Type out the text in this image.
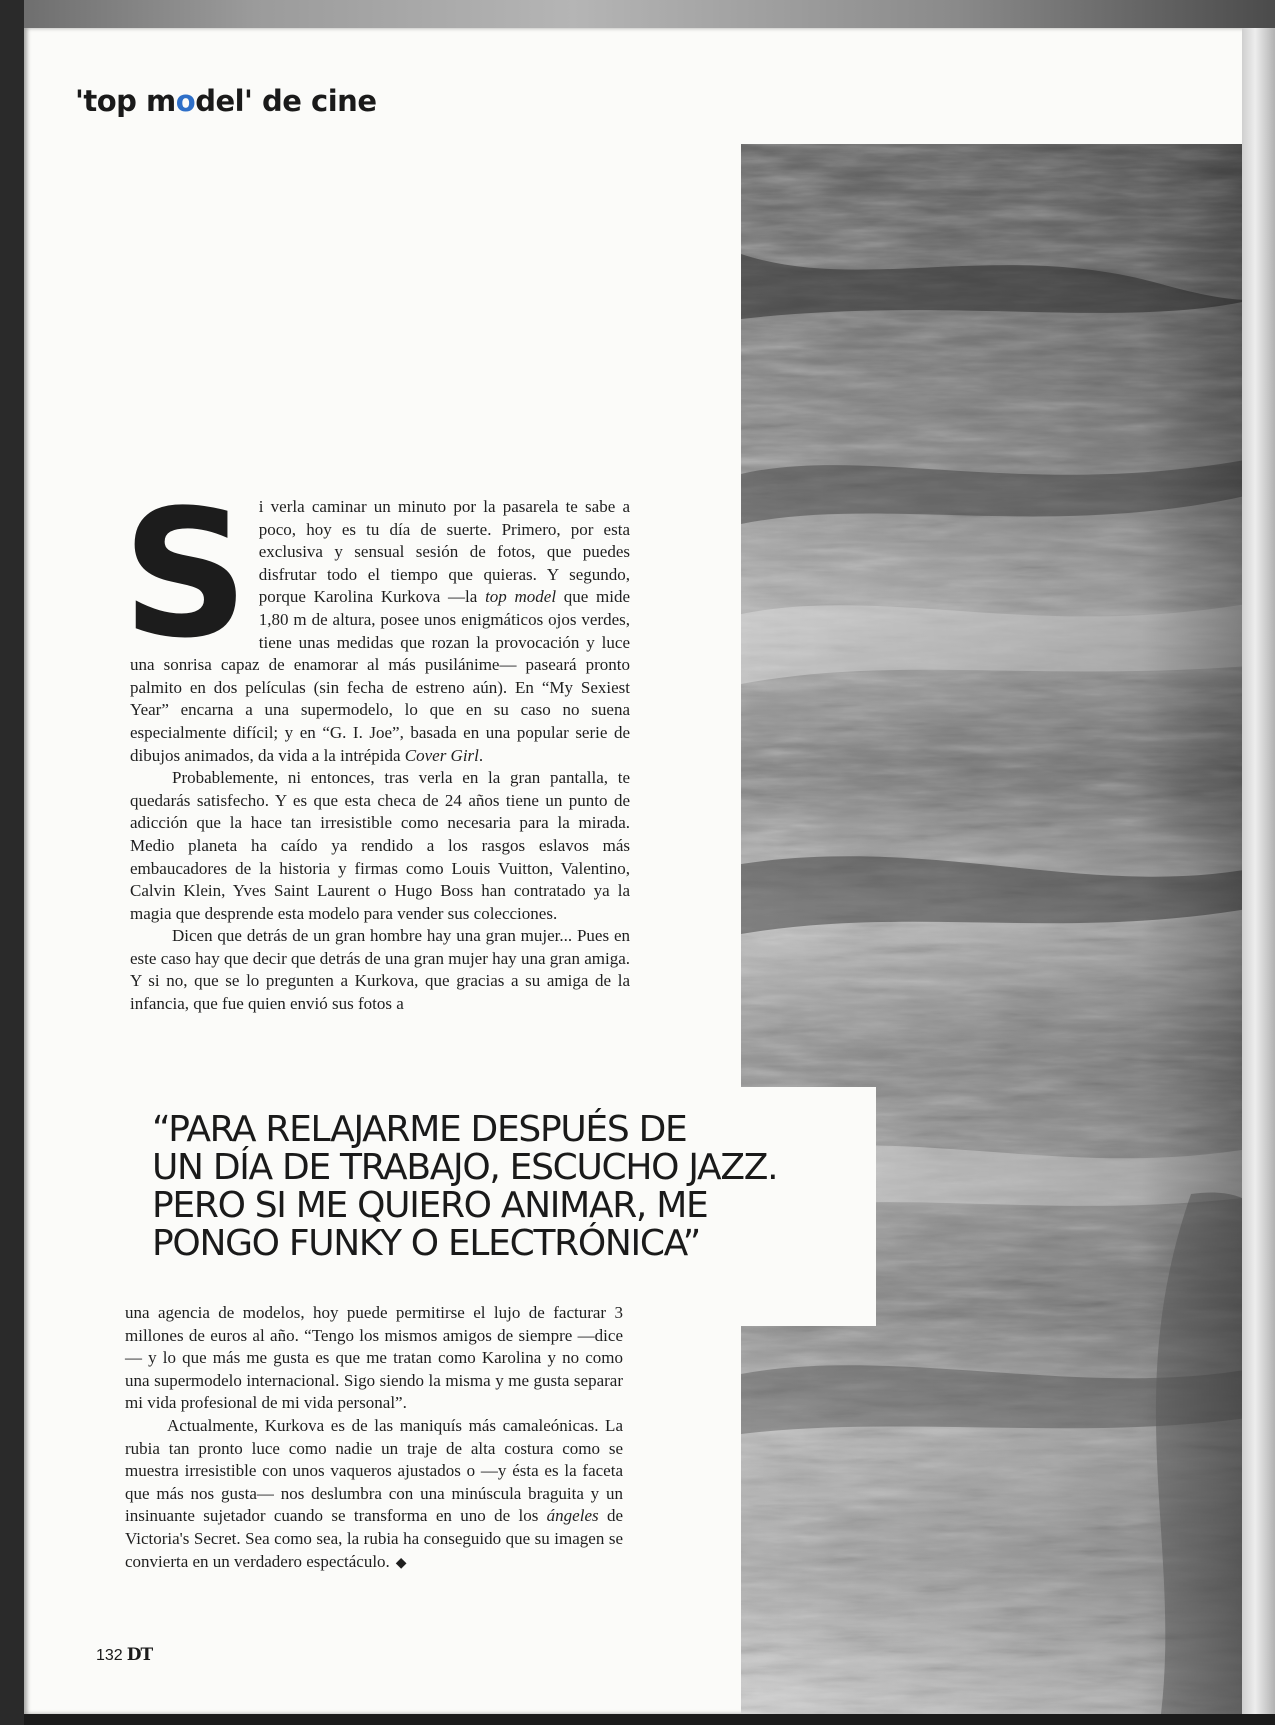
'top model' de cine
S i verla caminar un minuto por la pasarela te sabe a poco, hoy es tu día de suerte. Primero, por esta exclusiva y sensual sesión de fotos, que puedes disfrutar todo el tiempo que quieras. Y segundo, porque Karolina Kurkova —la top model que mide 1,80 m de altura, posee unos enigmáticos ojos verdes, tiene unas medidas que rozan la provocación y luce una sonrisa capaz de enamorar al más pusilánime— paseará pronto palmito en dos películas (sin fecha de estreno aún). En “My Sexiest Year” encarna a una supermodelo, lo que en su caso no suena especialmente difícil; y en “G. I. Joe”, basada en una popular serie de dibujos animados, da vida a la intrépida Cover Girl.

Probablemente, ni entonces, tras verla en la gran pantalla, te quedarás satisfecho. Y es que esta checa de 24 años tiene un punto de adicción que la hace tan irresistible como necesaria para la mirada. Medio planeta ha caído ya rendido a los rasgos eslavos más embaucadores de la historia y firmas como Louis Vuitton, Valentino, Calvin Klein, Yves Saint Laurent o Hugo Boss han contratado ya la magia que desprende esta modelo para vender sus colecciones.

Dicen que detrás de un gran hombre hay una gran mujer... Pues en este caso hay que decir que detrás de una gran mujer hay una gran amiga. Y si no, que se lo pregunten a Kurkova, que gracias a su amiga de la infancia, que fue quien envió sus fotos a

“PARA RELAJARME DESPUÉS DE
UN DÍA DE TRABAJO, ESCUCHO JAZZ.
PERO SI ME QUIERO ANIMAR, ME
PONGO FUNKY O ELECTRÓNICA”

una agencia de modelos, hoy puede permitirse el lujo de facturar 3 millones de euros al año. “Tengo los mismos amigos de siempre —dice— y lo que más me gusta es que me tratan como Karolina y no como una supermodelo internacional. Sigo siendo la misma y me gusta separar mi vida profesional de mi vida personal”.

Actualmente, Kurkova es de las maniquís más camaleónicas. La rubia tan pronto luce como nadie un traje de alta costura como se muestra irresistible con unos vaqueros ajustados o —y ésta es la faceta que más nos gusta— nos deslumbra con una minúscula braguita y un insinuante sujetador cuando se transforma en uno de los ángeles de Victoria's Secret. Sea como sea, la rubia ha conseguido que su imagen se convierta en un verdadero espectáculo. ◆

132 DT
